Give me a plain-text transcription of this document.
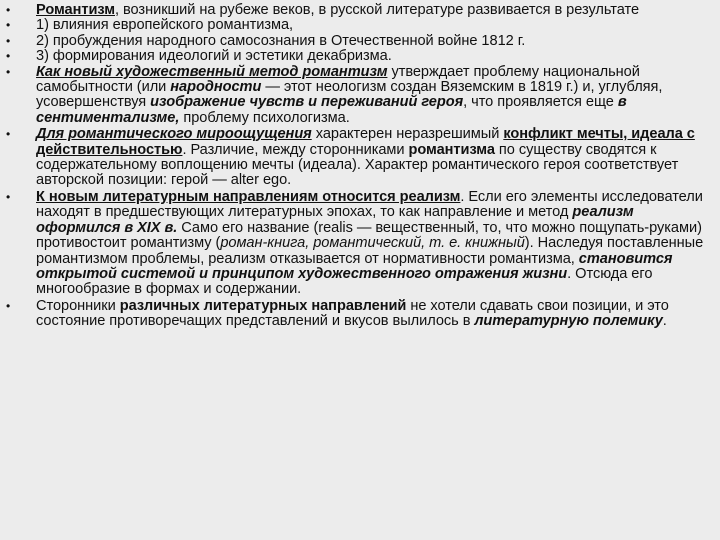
• Романтизм, возникший на рубеже веков, в русской литературе развивается в результате
• 1) влияния европейского романтизма,
• 2) пробуждения народного самосознания в Отечественной войне 1812 г.
• 3) формирования идеологий и эстетики декабризма.
• Как новый художественный метод романтизм утверждает проблему национальной самобытности (или народности — этот неологизм создан Вяземским в 1819 г.) и, углубляя, усовершенствуя изображение чувств и переживаний героя, что проявляется еще в сентиментализме, проблему психологизма.
• Для романтического мироощущения характерен неразрешимый конфликт мечты, идеала с действительностью. Различие, между сторонниками романтизма по существу сводятся к содержательному воплощению мечты (идеала). Характер романтического героя соответствует авторской позиции: герой — alter ego.
• К новым литературным направлениям относится реализм. Если его элементы исследователи находят в предшествующих литературных эпохах, то как направление и метод реализм оформился в XIX в. Само его название (realis — вещественный, то, что можно пощупать-руками) противостоит романтизму (роман-книга, романтический, т. е. книжный). Наследуя поставленные романтизмом проблемы, реализм отказывается от нормативности романтизма, становится открытой системой и принципом художественного отражения жизни. Отсюда его многообразие в формах и содержании.
• Сторонники различных литературных направлений не хотели сдавать свои позиции, и это состояние противоречащих представлений и вкусов вылилось в литературную полемику.
